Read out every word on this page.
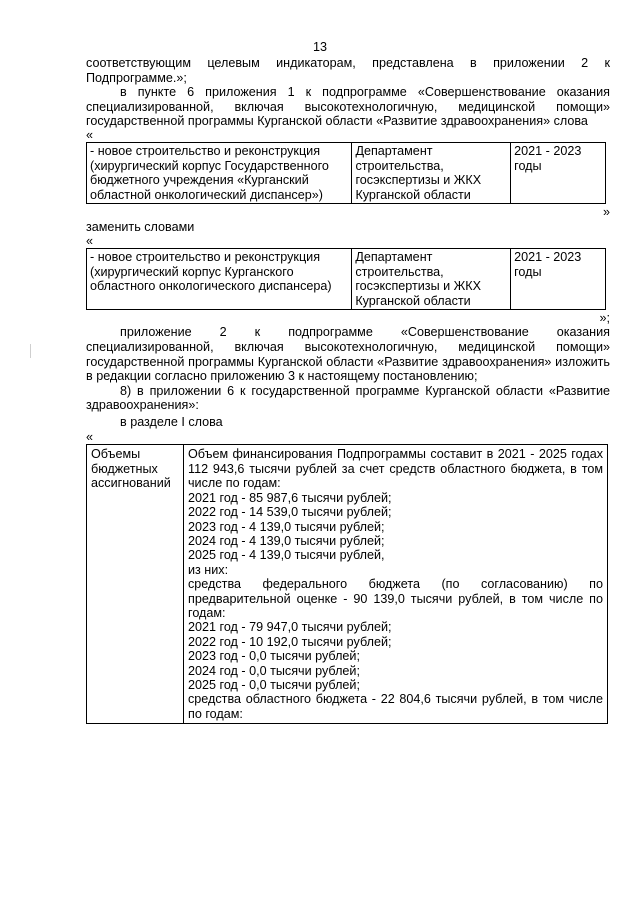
13

соответствующим целевым индикаторам, представлена в приложении 2 к Подпрограмме.»;

в пункте 6 приложения 1 к подпрограмме «Совершенствование оказания специализированной, включая высокотехнологичную, медицинской помощи» государственной программы Курганской области «Развитие здравоохранения» слова

«

- новое строительство и реконструкция (хирургический корпус Государственного бюджетного учреждения «Курганский областной онкологический диспансер»)	Департамент строительства, госэкспертизы и ЖКХ Курганской области	2021 - 2023 годы

»

заменить словами

«

- новое строительство и реконструкция (хирургический корпус Курганского областного онкологического диспансера)	Департамент строительства, госэкспертизы и ЖКХ Курганской области	2021 - 2023 годы

»;

приложение 2 к подпрограмме «Совершенствование оказания специализированной, включая высокотехнологичную, медицинской помощи» государственной программы Курганской области «Развитие здравоохранения» изложить в редакции согласно приложению 3 к настоящему постановлению;

8) в приложении 6 к государственной программе Курганской области «Развитие здравоохранения»:

в разделе I слова

«

Объемы бюджетных ассигнований	
Объем финансирования Подпрограммы составит в 2021 - 2025 годах 112 943,6 тысячи рублей за счет средств областного бюджета, в том числе по годам:
2021 год - 85 987,6 тысячи рублей;
2022 год - 14 539,0 тысячи рублей;
2023 год - 4 139,0 тысячи рублей;
2024 год - 4 139,0 тысячи рублей;
2025 год - 4 139,0 тысячи рублей,
из них:
средства федерального бюджета (по согласованию) по предварительной оценке - 90 139,0 тысячи рублей, в том числе по годам:
2021 год - 79 947,0 тысячи рублей;
2022 год - 10 192,0 тысячи рублей;
2023 год - 0,0 тысячи рублей;
2024 год - 0,0 тысячи рублей;
2025 год - 0,0 тысячи рублей;
средства областного бюджета - 22 804,6 тысячи рублей, в том числе по годам:
